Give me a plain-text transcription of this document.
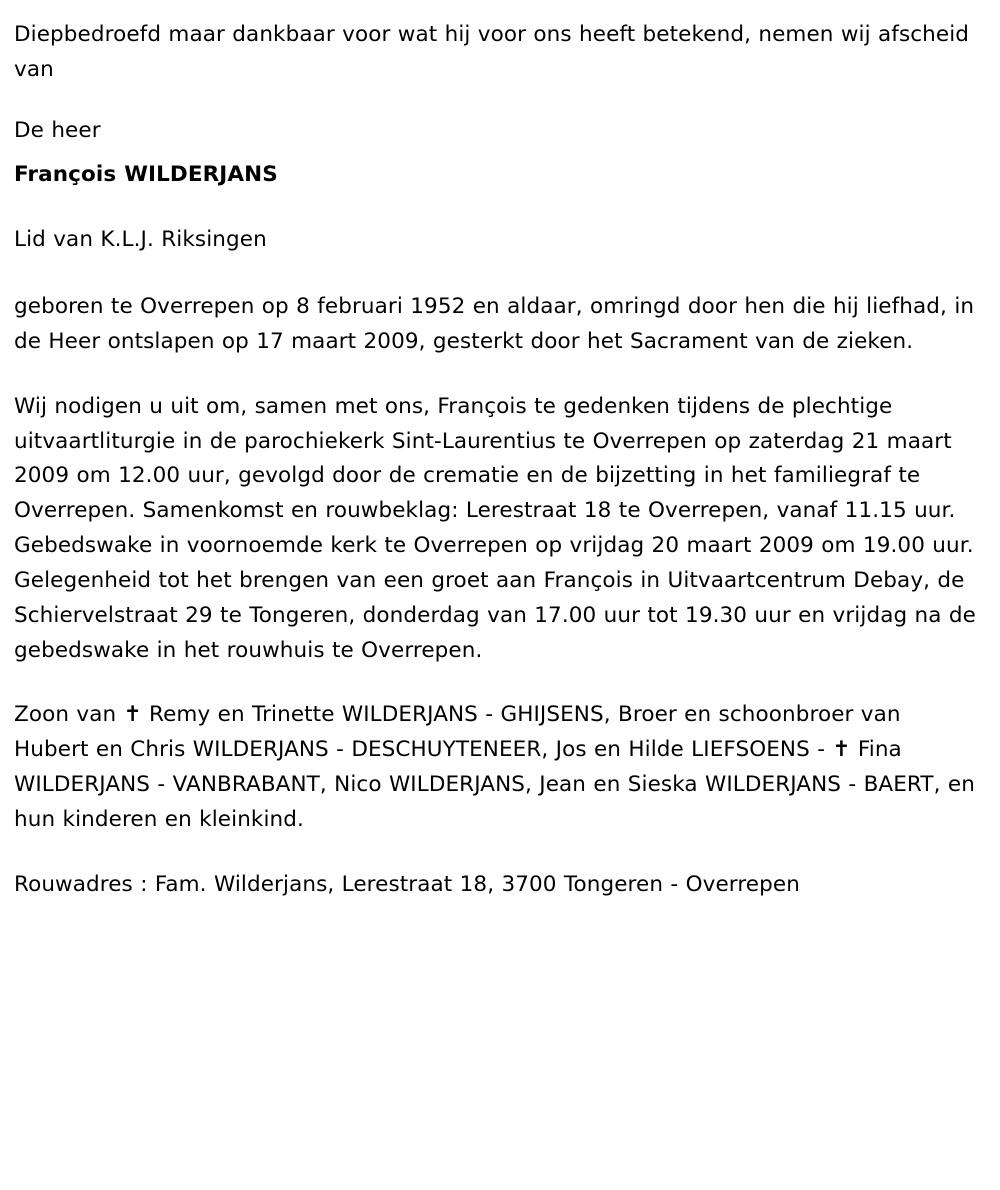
Diepbedroefd maar dankbaar voor wat hij voor ons heeft betekend, nemen wij afscheid van

De heer

François WILDERJANS

Lid van K.L.J. Riksingen

geboren te Overrepen op 8 februari 1952 en aldaar, omringd door hen die hij liefhad, in de Heer ontslapen op 17 maart 2009, gesterkt door het Sacrament van de zieken.

Wij nodigen u uit om, samen met ons, François te gedenken tijdens de plechtige uitvaartliturgie in de parochiekerk Sint-Laurentius te Overrepen op zaterdag 21 maart 2009 om 12.00 uur, gevolgd door de crematie en de bijzetting in het familiegraf te Overrepen. Samenkomst en rouwbeklag: Lerestraat 18 te Overrepen, vanaf 11.15 uur. Gebedswake in voornoemde kerk te Overrepen op vrijdag 20 maart 2009 om 19.00 uur. Gelegenheid tot het brengen van een groet aan François in Uitvaartcentrum Debay, de Schiervelstraat 29 te Tongeren, donderdag van 17.00 uur tot 19.30 uur en vrijdag na de gebedswake in het rouwhuis te Overrepen.

Zoon van ✝ Remy en Trinette WILDERJANS - GHIJSENS, Broer en schoonbroer van Hubert en Chris WILDERJANS - DESCHUYTENEER, Jos en Hilde LIEFSOENS - ✝ Fina WILDERJANS - VANBRABANT, Nico WILDERJANS, Jean en Sieska WILDERJANS - BAERT, en hun kinderen en kleinkind.

Rouwadres : Fam. Wilderjans, Lerestraat 18, 3700 Tongeren - Overrepen
